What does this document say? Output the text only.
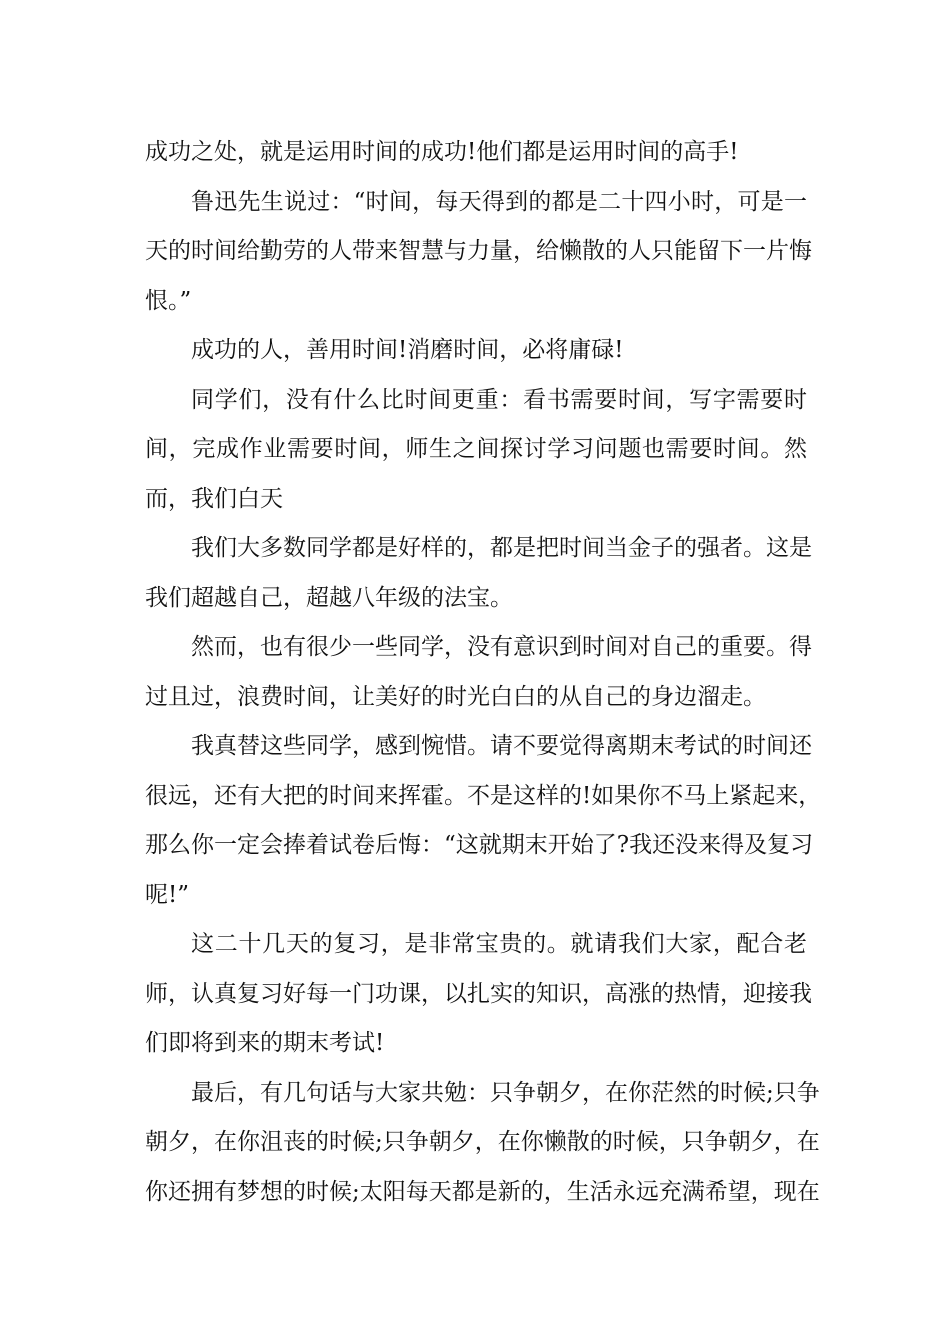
成功之处，就是运用时间的成功!他们都是运用时间的高手!
鲁迅先生说过：“时间，每天得到的都是二十四小时，可是一
天的时间给勤劳的人带来智慧与力量，给懒散的人只能留下一片悔
恨。”
成功的人，善用时间!消磨时间，必将庸碌!
同学们，没有什么比时间更重：看书需要时间，写字需要时
间，完成作业需要时间，师生之间探讨学习问题也需要时间。然
而，我们白天
我们大多数同学都是好样的，都是把时间当金子的强者。这是
我们超越自己，超越八年级的法宝。
然而，也有很少一些同学，没有意识到时间对自己的重要。得
过且过，浪费时间，让美好的时光白白的从自己的身边溜走。
我真替这些同学，感到惋惜。请不要觉得离期末考试的时间还
很远，还有大把的时间来挥霍。不是这样的!如果你不马上紧起来，
那么你一定会捧着试卷后悔：“这就期末开始了?我还没来得及复习
呢!”
这二十几天的复习，是非常宝贵的。就请我们大家，配合老
师，认真复习好每一门功课，以扎实的知识，高涨的热情，迎接我
们即将到来的期末考试!
最后，有几句话与大家共勉：只争朝夕，在你茫然的时候;只争
朝夕，在你沮丧的时候;只争朝夕，在你懒散的时候，只争朝夕，在
你还拥有梦想的时候;太阳每天都是新的，生活永远充满希望，现在
